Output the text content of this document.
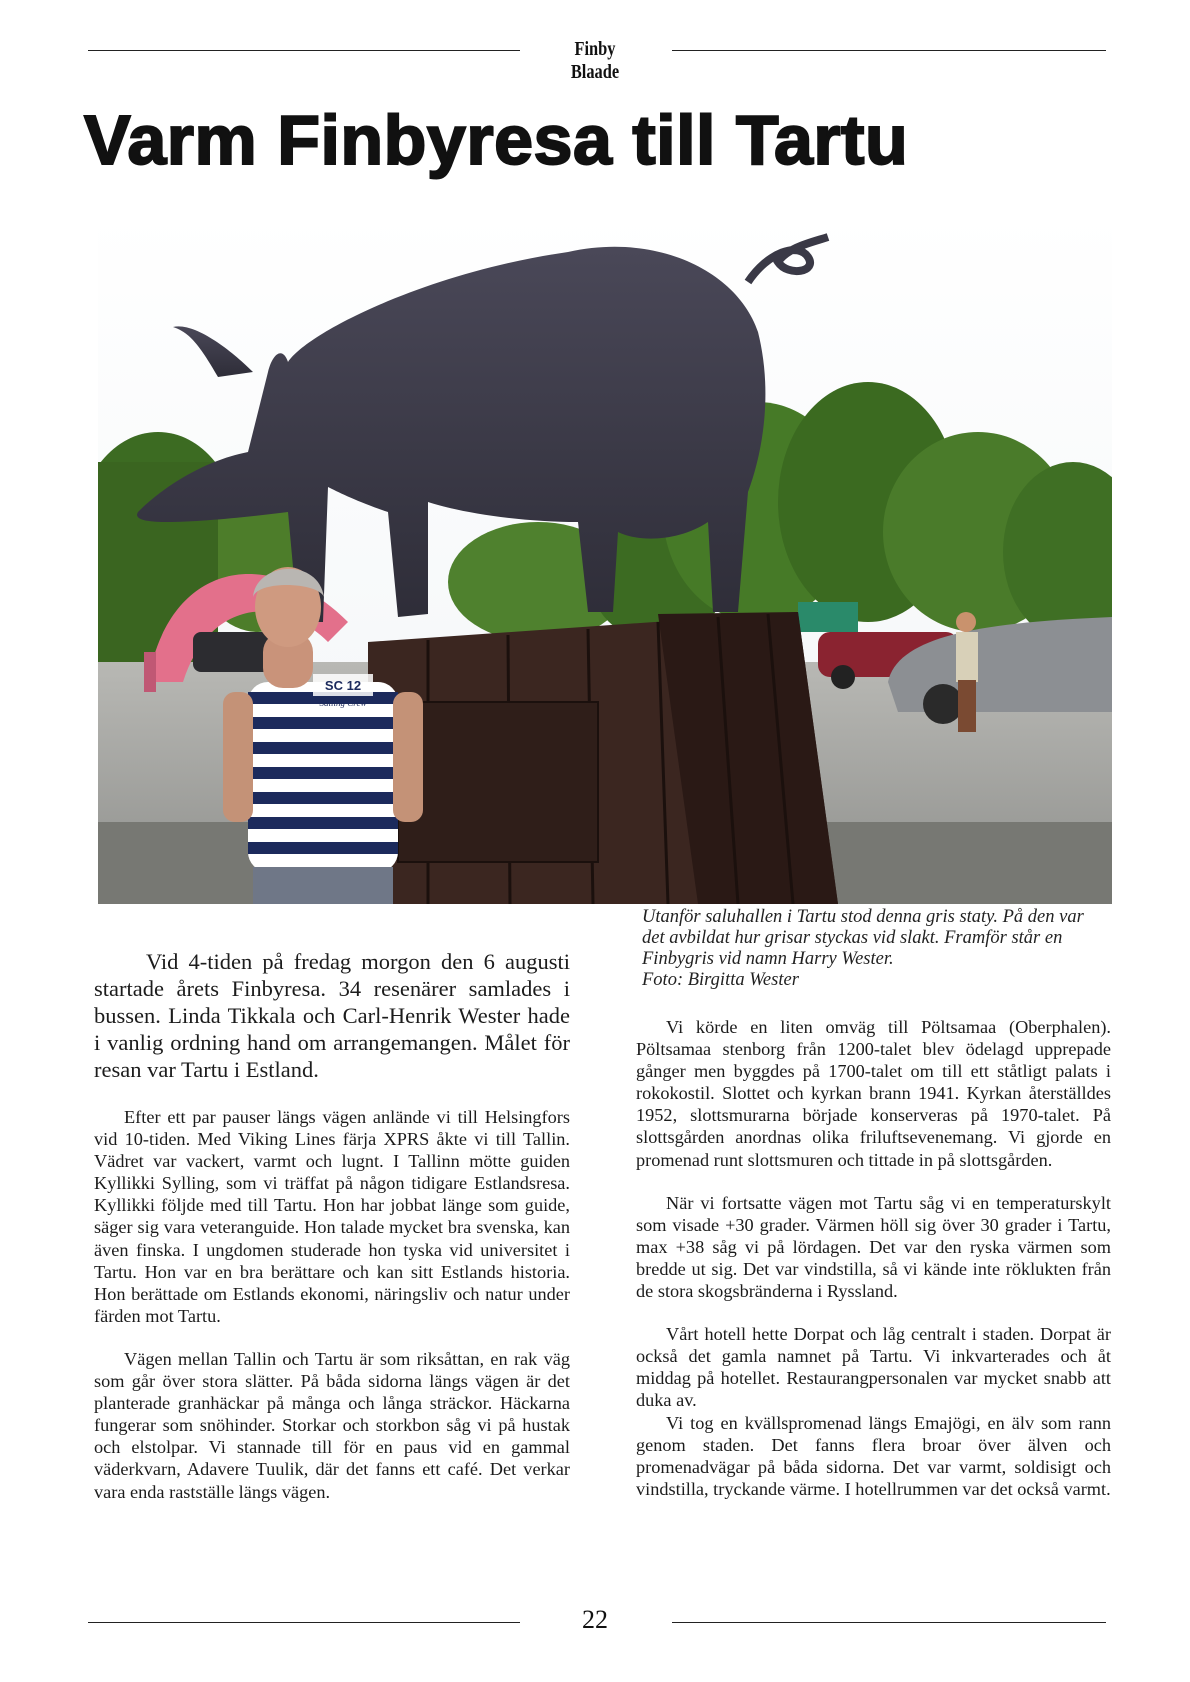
Finby Blaade
Varm Finbyresa till Tartu
SC 12
Sailing Crew
Utanför saluhallen i Tartu stod denna gris staty. På den var det avbildat hur grisar styckas vid slakt. Framför står en Finbygris vid namn Harry Wester.
Foto: Birgitta Wester

Vid 4-tiden på fredag morgon den 6 augusti startade årets Finbyresa. 34 resenärer samlades i bussen. Linda Tikkala och Carl-Henrik Wester hade i vanlig ordning hand om arrangemangen. Målet för resan var Tartu i Estland.

Efter ett par pauser längs vägen anlände vi till Helsingfors vid 10-tiden. Med Viking Lines färja XPRS åkte vi till Tallin. Vädret var vackert, varmt och lugnt. I Tallinn mötte guiden Kyllikki Sylling, som vi träffat på någon tidigare Estlandsresa. Kyllikki följde med till Tartu. Hon har jobbat länge som guide, säger sig vara veteranguide. Hon talade mycket bra svenska, kan även finska. I ungdomen studerade hon tyska vid universitet i Tartu. Hon var en bra berättare och kan sitt Estlands historia. Hon berättade om Estlands ekonomi, näringsliv och natur under färden mot Tartu.

Vägen mellan Tallin och Tartu är som riksåttan, en rak väg som går över stora slätter. På båda sidorna längs vägen är det planterade granhäckar på många och långa sträckor. Häckarna fungerar som snöhinder. Storkar och storkbon såg vi på hustak och elstolpar. Vi stannade till för en paus vid en gammal väderkvarn, Adavere Tuulik, där det fanns ett café. Det verkar vara enda rastställe längs vägen.

Vi körde en liten omväg till Pöltsamaa (Oberphalen). Pöltsamaa stenborg från 1200-talet blev ödelagd upprepade gånger men byggdes på 1700-talet om till ett ståtligt palats i rokokostil. Slottet och kyrkan brann 1941. Kyrkan återställdes 1952, slottsmurarna började konserveras på 1970-talet. På slottsgården anordnas olika friluftsevenemang. Vi gjorde en promenad runt slottsmuren och tittade in på slottsgården.

När vi fortsatte vägen mot Tartu såg vi en temperaturskylt som visade +30 grader. Värmen höll sig över 30 grader i Tartu, max +38 såg vi på lördagen. Det var den ryska värmen som bredde ut sig. Det var vindstilla, så vi kände inte röklukten från de stora skogsbränderna i Ryssland.

Vårt hotell hette Dorpat och låg centralt i staden. Dorpat är också det gamla namnet på Tartu. Vi inkvarterades och åt middag på hotellet. Restaurangpersonalen var mycket snabb att duka av.

Vi tog en kvällspromenad längs Emajögi, en älv som rann genom staden. Det fanns flera broar över älven och promenadvägar på båda sidorna. Det var varmt, soldisigt och vindstilla, tryckande värme. I hotellrummen var det också varmt.

22
